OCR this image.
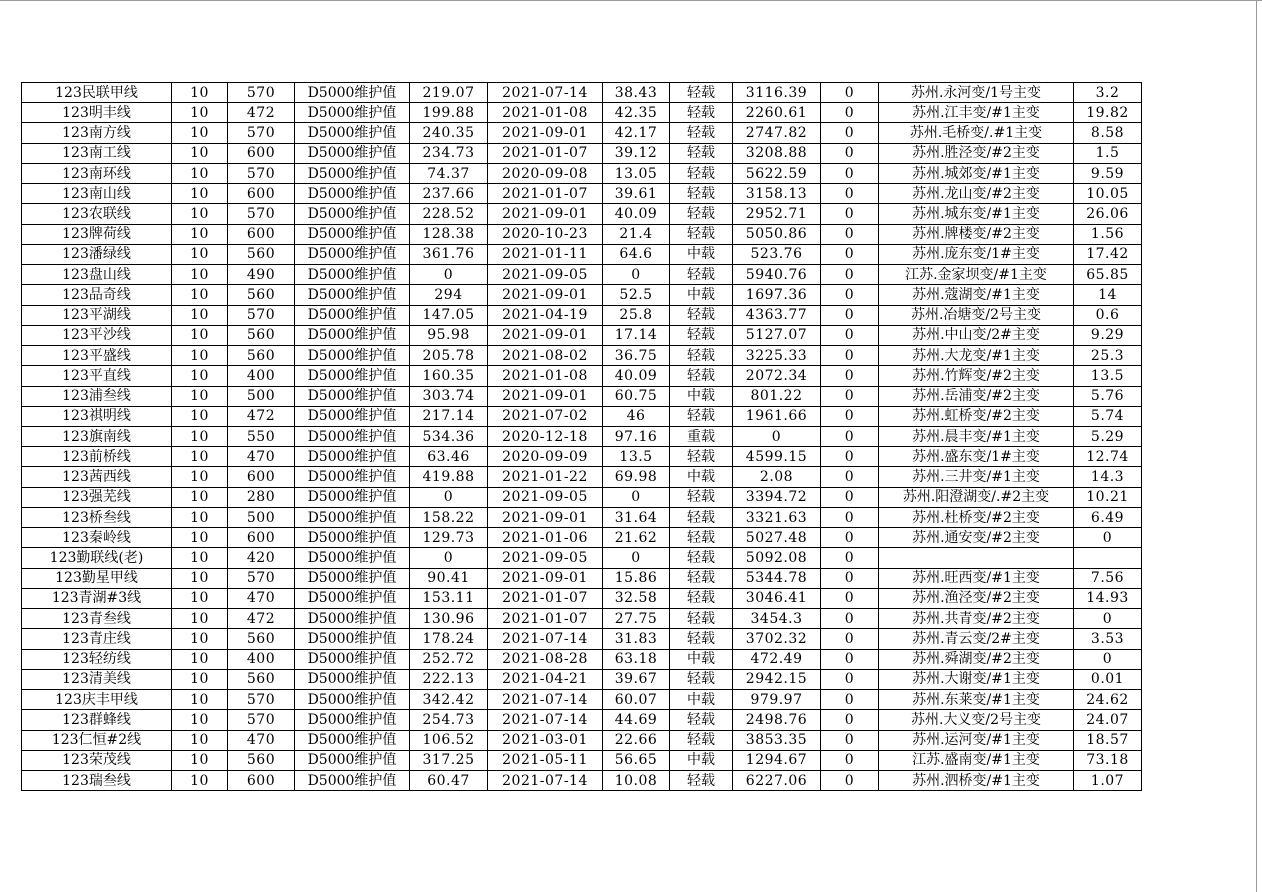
123民联甲线	10	570	D5000维护值	219.07	2021-07-14	38.43	轻载	3116.39	0	苏州.永河变/1号主变	3.2
123明丰线	10	472	D5000维护值	199.88	2021-01-08	42.35	轻载	2260.61	0	苏州.江丰变/#1主变	19.82
123南方线	10	570	D5000维护值	240.35	2021-09-01	42.17	轻载	2747.82	0	苏州.毛桥变/.#1主变	8.58
123南工线	10	600	D5000维护值	234.73	2021-01-07	39.12	轻载	3208.88	0	苏州.胜泾变/#2主变	1.5
123南环线	10	570	D5000维护值	74.37	2020-09-08	13.05	轻载	5622.59	0	苏州.城郊变/#1主变	9.59
123南山线	10	600	D5000维护值	237.66	2021-01-07	39.61	轻载	3158.13	0	苏州.龙山变/#2主变	10.05
123农联线	10	570	D5000维护值	228.52	2021-09-01	40.09	轻载	2952.71	0	苏州.城东变/#1主变	26.06
123牌荷线	10	600	D5000维护值	128.38	2020-10-23	21.4	轻载	5050.86	0	苏州.牌楼变/#2主变	1.56
123潘绿线	10	560	D5000维护值	361.76	2021-01-11	64.6	中载	523.76	0	苏州.庞东变/1#主变	17.42
123盘山线	10	490	D5000维护值	0	2021-09-05	0	轻载	5940.76	0	江苏.金家坝变/#1主变	65.85
123品奇线	10	560	D5000维护值	294	2021-09-01	52.5	中载	1697.36	0	苏州.蔻湖变/#1主变	14
123平湖线	10	570	D5000维护值	147.05	2021-04-19	25.8	轻载	4363.77	0	苏州.冶塘变/2号主变	0.6
123平沙线	10	560	D5000维护值	95.98	2021-09-01	17.14	轻载	5127.07	0	苏州.中山变/2#主变	9.29
123平盛线	10	560	D5000维护值	205.78	2021-08-02	36.75	轻载	3225.33	0	苏州.大龙变/#1主变	25.3
123平直线	10	400	D5000维护值	160.35	2021-01-08	40.09	轻载	2072.34	0	苏州.竹辉变/#2主变	13.5
123浦叁线	10	500	D5000维护值	303.74	2021-09-01	60.75	中载	801.22	0	苏州.岳浦变/#2主变	5.76
123祺明线	10	472	D5000维护值	217.14	2021-07-02	46	轻载	1961.66	0	苏州.虹桥变/#2主变	5.74
123旗南线	10	550	D5000维护值	534.36	2020-12-18	97.16	重载	0	0	苏州.晨丰变/#1主变	5.29
123前桥线	10	470	D5000维护值	63.46	2020-09-09	13.5	轻载	4599.15	0	苏州.盛东变/1#主变	12.74
123茜西线	10	600	D5000维护值	419.88	2021-01-22	69.98	中载	2.08	0	苏州.三井变/#1主变	14.3
123强芜线	10	280	D5000维护值	0	2021-09-05	0	轻载	3394.72	0	苏州.阳澄湖变/.#2主变	10.21
123桥叁线	10	500	D5000维护值	158.22	2021-09-01	31.64	轻载	3321.63	0	苏州.杜桥变/#2主变	6.49
123秦岭线	10	600	D5000维护值	129.73	2021-01-06	21.62	轻载	5027.48	0	苏州.通安变/#2主变	0
123勤联线(老)	10	420	D5000维护值	0	2021-09-05	0	轻载	5092.08	0		
123勤星甲线	10	570	D5000维护值	90.41	2021-09-01	15.86	轻载	5344.78	0	苏州.旺西变/#1主变	7.56
123青湖#3线	10	470	D5000维护值	153.11	2021-01-07	32.58	轻载	3046.41	0	苏州.渔泾变/#2主变	14.93
123青叁线	10	472	D5000维护值	130.96	2021-01-07	27.75	轻载	3454.3	0	苏州.共青变/#2主变	0
123青庄线	10	560	D5000维护值	178.24	2021-07-14	31.83	轻载	3702.32	0	苏州.青云变/2#主变	3.53
123轻纺线	10	400	D5000维护值	252.72	2021-08-28	63.18	中载	472.49	0	苏州.舜湖变/#2主变	0
123清美线	10	560	D5000维护值	222.13	2021-04-21	39.67	轻载	2942.15	0	苏州.大谢变/#1主变	0.01
123庆丰甲线	10	570	D5000维护值	342.42	2021-07-14	60.07	中载	979.97	0	苏州.东莱变/#1主变	24.62
123群蜂线	10	570	D5000维护值	254.73	2021-07-14	44.69	轻载	2498.76	0	苏州.大义变/2号主变	24.07
123仁恒#2线	10	470	D5000维护值	106.52	2021-03-01	22.66	轻载	3853.35	0	苏州.运河变/#1主变	18.57
123荣茂线	10	560	D5000维护值	317.25	2021-05-11	56.65	中载	1294.67	0	江苏.盛南变/#1主变	73.18
123瑞叁线	10	600	D5000维护值	60.47	2021-07-14	10.08	轻载	6227.06	0	苏州.泗桥变/#1主变	1.07
